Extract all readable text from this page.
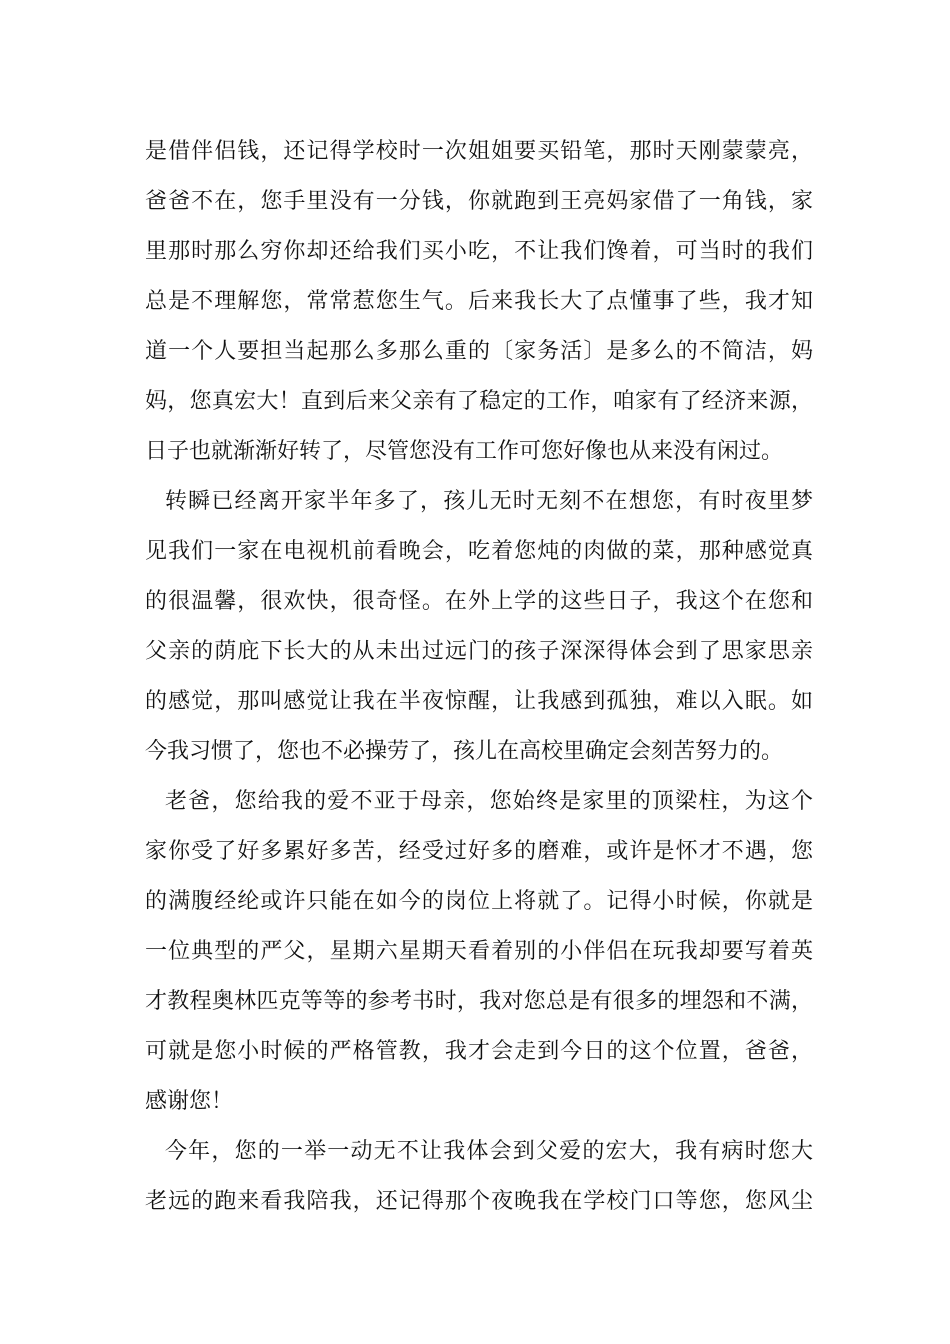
是借伴侣钱，还记得学校时一次姐姐要买铅笔，那时天刚蒙蒙亮，
爸爸不在，您手里没有一分钱，你就跑到王亮妈家借了一角钱，家
里那时那么穷你却还给我们买小吃，不让我们馋着，可当时的我们
总是不理解您，常常惹您生气。后来我长大了点懂事了些，我才知
道一个人要担当起那么多那么重的〔家务活〕是多么的不简洁，妈
妈，您真宏大！直到后来父亲有了稳定的工作，咱家有了经济来源，
日子也就渐渐好转了，尽管您没有工作可您好像也从来没有闲过。
转瞬已经离开家半年多了，孩儿无时无刻不在想您，有时夜里梦
见我们一家在电视机前看晚会，吃着您炖的肉做的菜，那种感觉真
的很温馨，很欢快，很奇怪。在外上学的这些日子，我这个在您和
父亲的荫庇下长大的从未出过远门的孩子深深得体会到了思家思亲
的感觉，那叫感觉让我在半夜惊醒，让我感到孤独，难以入眠。如
今我习惯了，您也不必操劳了，孩儿在高校里确定会刻苦努力的。
老爸，您给我的爱不亚于母亲，您始终是家里的顶梁柱，为这个
家你受了好多累好多苦，经受过好多的磨难，或许是怀才不遇，您
的满腹经纶或许只能在如今的岗位上将就了。记得小时候，你就是
一位典型的严父，星期六星期天看着别的小伴侣在玩我却要写着英
才教程奥林匹克等等的参考书时，我对您总是有很多的埋怨和不满，
可就是您小时候的严格管教，我才会走到今日的这个位置，爸爸，
感谢您！
今年，您的一举一动无不让我体会到父爱的宏大，我有病时您大
老远的跑来看我陪我，还记得那个夜晚我在学校门口等您，您风尘
